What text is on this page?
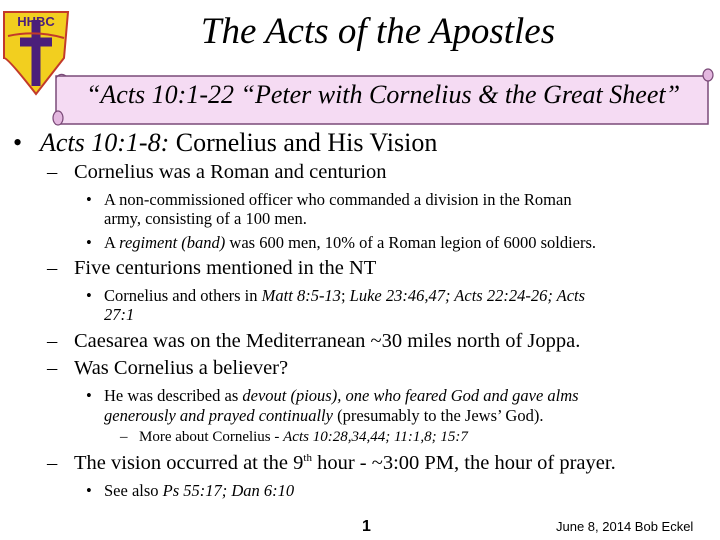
HHBC	The Acts of the Apostles
“Acts 10:1-22 “Peter with Cornelius & the Great Sheet”
• Acts 10:1-8: Cornelius and His Vision
– Cornelius was a Roman and centurion
• A non-commissioned officer who commanded a division in the Roman
army, consisting of a 100 men.
• A regiment (band) was 600 men, 10% of a Roman legion of 6000 soldiers.
– Five centurions mentioned in the NT
• Cornelius and others in Matt 8:5-13; Luke 23:46,47; Acts 22:24-26; Acts
27:1
– Caesarea was on the Mediterranean ~30 miles north of Joppa.
– Was Cornelius a believer?
• He was described as devout (pious), one who feared God and gave alms
generously and prayed continually (presumably to the Jews’ God).
– More about Cornelius - Acts 10:28,34,44; 11:1,8; 15:7
– The vision occurred at the 9th hour - ~3:00 PM, the hour of prayer.
• See also Ps 55:17; Dan 6:10
1	June 8, 2014 Bob Eckel
